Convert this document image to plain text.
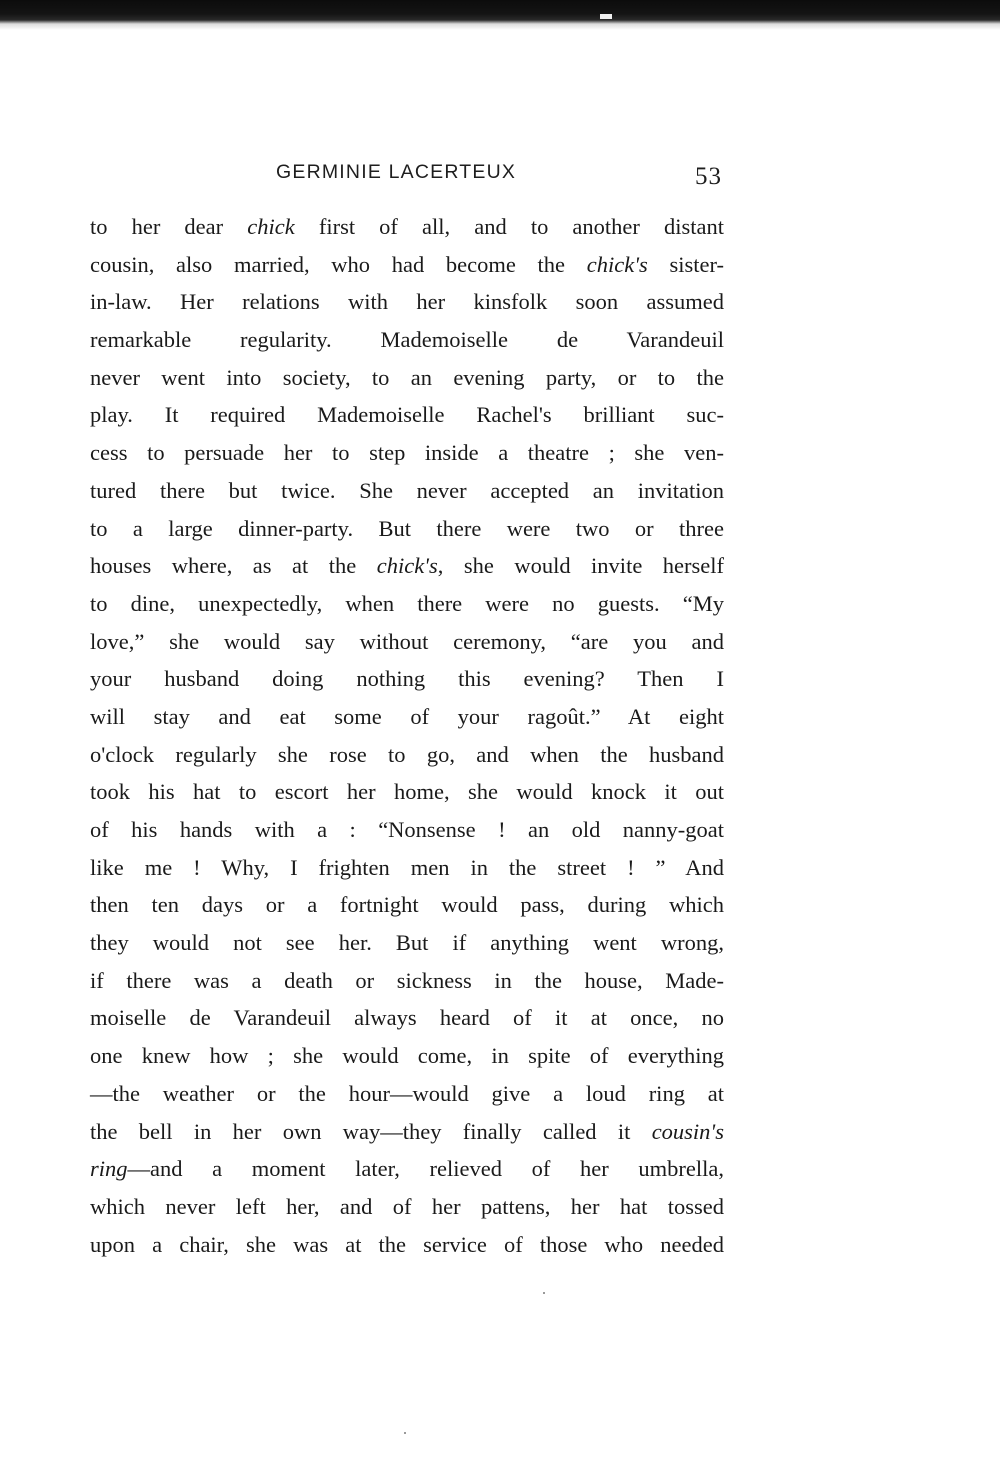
GERMINIE LACERTEUX	53
to her dear chick first of all, and to another distant
cousin, also married, who had become the chick's sister-
in-law. Her relations with her kinsfolk soon assumed
remarkable regularity. Mademoiselle de Varandeuil
never went into society, to an evening party, or to the
play. It required Mademoiselle Rachel's brilliant suc-
cess to persuade her to step inside a theatre ; she ven-
tured there but twice. She never accepted an invitation
to a large dinner-party. But there were two or three
houses where, as at the chick's, she would invite herself
to dine, unexpectedly, when there were no guests. “My
love,” she would say without ceremony, “are you and
your husband doing nothing this evening? Then I
will stay and eat some of your ragoût.” At eight
o'clock regularly she rose to go, and when the husband
took his hat to escort her home, she would knock it out
of his hands with a : “Nonsense ! an old nanny-goat
like me ! Why, I frighten men in the street ! ” And
then ten days or a fortnight would pass, during which
they would not see her. But if anything went wrong,
if there was a death or sickness in the house, Made-
moiselle de Varandeuil always heard of it at once, no
one knew how ; she would come, in spite of everything
—the weather or the hour—would give a loud ring at
the bell in her own way—they finally called it cousin's
ring—and a moment later, relieved of her umbrella,
which never left her, and of her pattens, her hat tossed
upon a chair, she was at the service of those who needed
